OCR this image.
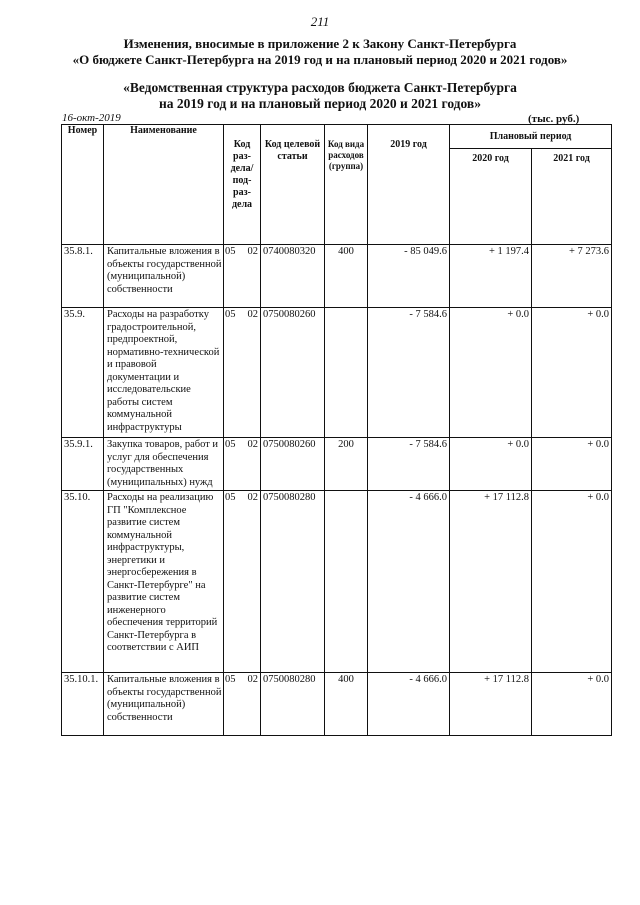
211
Изменения, вносимые в приложение 2 к Закону Санкт-Петербурга
«О бюджете Санкт-Петербурга на 2019 год и на плановый период 2020 и 2021 годов»
«Ведомственная структура расходов бюджета Санкт-Петербурга
на 2019 год и на плановый период 2020 и 2021 годов»
16-окт-2019	(тыс. руб.)
Номер	Наименование	Код раз-дела/ под-раз-дела		Код целевой статьи	Код вида расходов (группа)	2019 год	Плановый период	
							2020 год	2021 год
35.8.1.	Капитальные вложения в объекты государственной (муниципальной) собственности	05	02	0740080320	400	- 85 049.6	+ 1 197.4	+ 7 273.6
35.9.	Расходы на разработку градостроительной, предпроектной, нормативно-технической и правовой документации и исследовательские работы систем коммунальной инфраструктуры	05	02	0750080260		- 7 584.6	+ 0.0	+ 0.0
35.9.1.	Закупка товаров, работ и услуг для обеспечения государственных (муниципальных) нужд	05	02	0750080260	200	- 7 584.6	+ 0.0	+ 0.0
35.10.	Расходы на реализацию ГП "Комплексное развитие систем коммунальной инфраструктуры, энергетики и энергосбережения в Санкт-Петербурге" на развитие систем инженерного обеспечения территорий Санкт-Петербурга в соответствии с АИП	05	02	0750080280		- 4 666.0	+ 17 112.8	+ 0.0
35.10.1.	Капитальные вложения в объекты государственной (муниципальной) собственности	05	02	0750080280	400	- 4 666.0	+ 17 112.8	+ 0.0
